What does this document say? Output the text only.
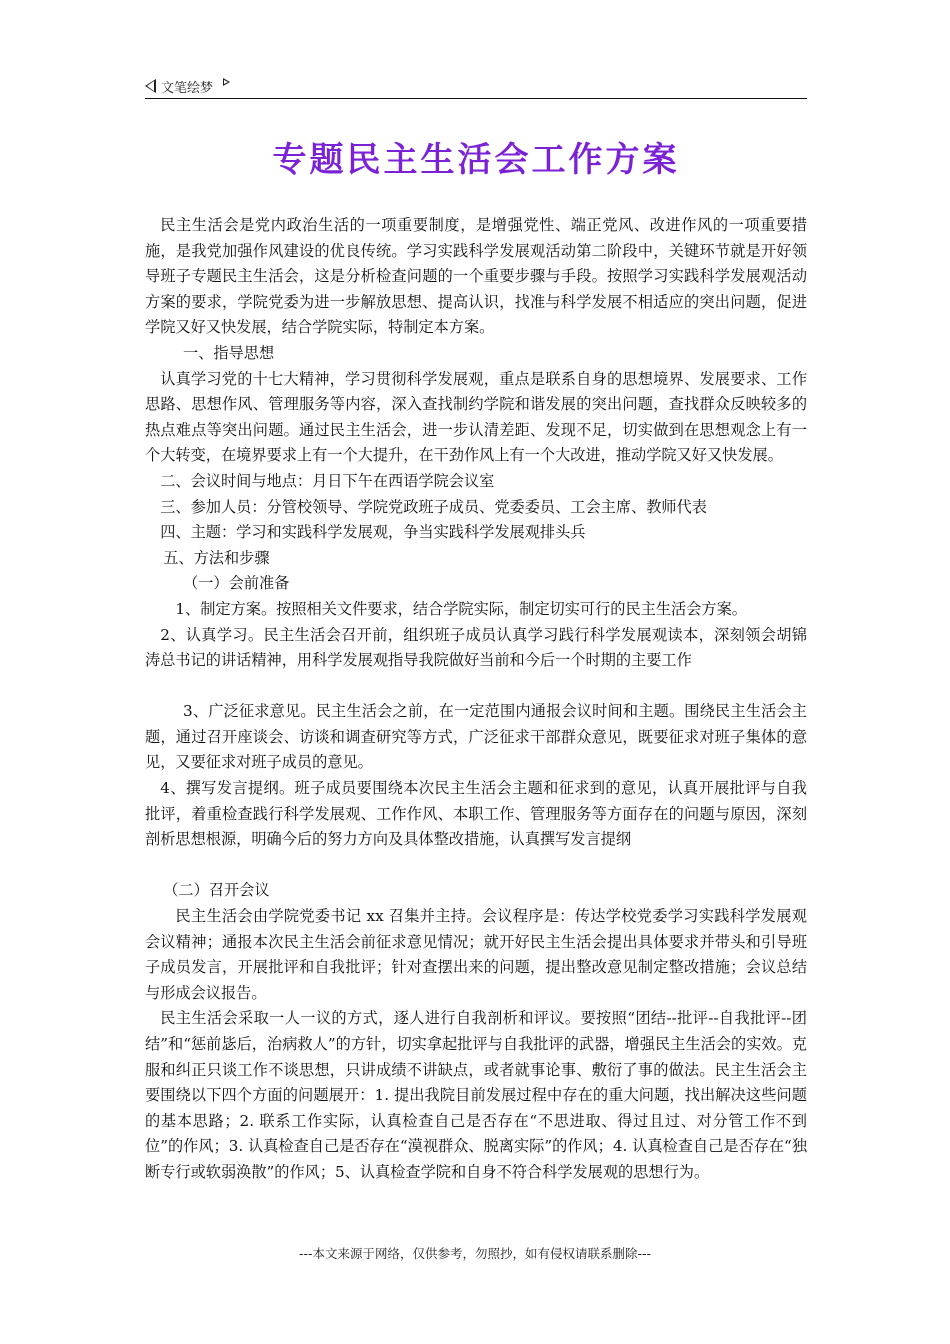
文笔绘梦
专题民主生活会工作方案

民主生活会是党内政治生活的一项重要制度，是增强党性、端正党风、改进作风的一项重要措施，是我党加强作风建设的优良传统。学习实践科学发展观活动第二阶段中，关键环节就是开好领导班子专题民主生活会，这是分析检查问题的一个重要步骤与手段。按照学习实践科学发展观活动方案的要求，学院党委为进一步解放思想、提高认识，找准与科学发展不相适应的突出问题，促进学院又好又快发展，结合学院实际，特制定本方案。

一、指导思想

认真学习党的十七大精神，学习贯彻科学发展观，重点是联系自身的思想境界、发展要求、工作思路、思想作风、管理服务等内容，深入查找制约学院和谐发展的突出问题，查找群众反映较多的热点难点等突出问题。通过民主生活会，进一步认清差距、发现不足，切实做到在思想观念上有一个大转变，在境界要求上有一个大提升，在干劲作风上有一个大改进，推动学院又好又快发展。

二、会议时间与地点：月日下午在西语学院会议室

三、参加人员：分管校领导、学院党政班子成员、党委委员、工会主席、教师代表

四、主题：学习和实践科学发展观，争当实践科学发展观排头兵

五、方法和步骤

（一）会前准备

1、制定方案。按照相关文件要求，结合学院实际，制定切实可行的民主生活会方案。

2、认真学习。民主生活会召开前，组织班子成员认真学习践行科学发展观读本，深刻领会胡锦涛总书记的讲话精神，用科学发展观指导我院做好当前和今后一个时期的主要工作

3、广泛征求意见。民主生活会之前，在一定范围内通报会议时间和主题。围绕民主生活会主题，通过召开座谈会、访谈和调查研究等方式，广泛征求干部群众意见，既要征求对班子集体的意见，又要征求对班子成员的意见。

4、撰写发言提纲。班子成员要围绕本次民主生活会主题和征求到的意见，认真开展批评与自我批评，着重检查践行科学发展观、工作作风、本职工作、管理服务等方面存在的问题与原因，深刻剖析思想根源，明确今后的努力方向及具体整改措施，认真撰写发言提纲

（二）召开会议

民主生活会由学院党委书记 xx 召集并主持。会议程序是：传达学校党委学习实践科学发展观会议精神；通报本次民主生活会前征求意见情况；就开好民主生活会提出具体要求并带头和引导班子成员发言，开展批评和自我批评；针对查摆出来的问题，提出整改意见制定整改措施；会议总结与形成会议报告。

民主生活会采取一人一议的方式，逐人进行自我剖析和评议。要按照“团结--批评--自我批评--团结”和“惩前毖后，治病救人”的方针，切实拿起批评与自我批评的武器，增强民主生活会的实效。克服和纠正只谈工作不谈思想，只讲成绩不讲缺点，或者就事论事、敷衍了事的做法。民主生活会主要围绕以下四个方面的问题展开：1. 提出我院目前发展过程中存在的重大问题，找出解决这些问题的基本思路；2. 联系工作实际，认真检查自己是否存在“不思进取、得过且过、对分管工作不到位”的作风；3. 认真检查自己是否存在“漠视群众、脱离实际”的作风；4. 认真检查自己是否存在“独断专行或软弱涣散”的作风；5、认真检查学院和自身不符合科学发展观的思想行为。

---本文来源于网络，仅供参考，勿照抄，如有侵权请联系删除---
